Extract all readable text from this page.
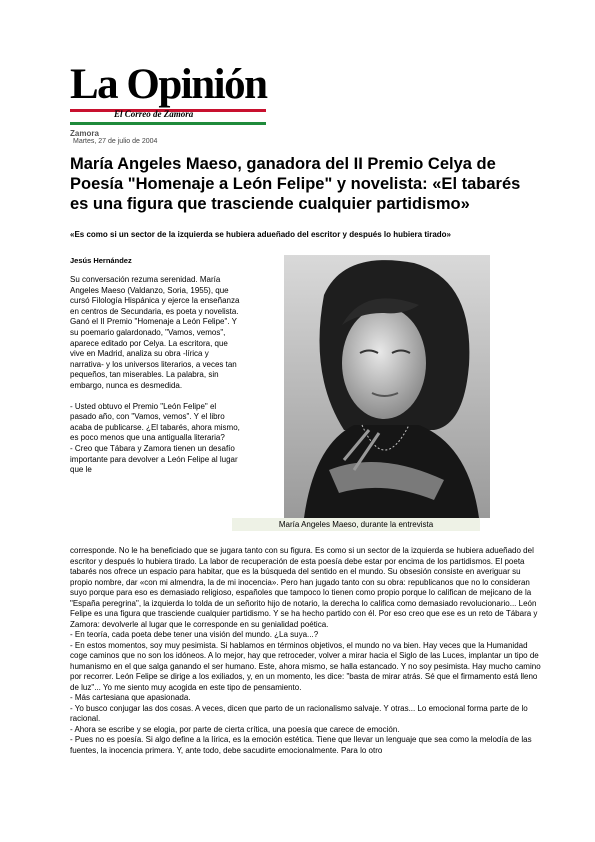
La Opinión
El Correo de Zamora
Zamora
Martes, 27 de julio de 2004
María Angeles Maeso, ganadora del II Premio Celya de Poesía "Homenaje a León Felipe" y novelista: «El tabarés es una figura que trasciende cualquier partidismo»
«Es como si un sector de la izquierda se hubiera adueñado del escritor y después lo hubiera tirado»
Jesús Hernández
María Angeles Maeso, durante la entrevista

Su conversación rezuma serenidad. María Angeles Maeso (Valdanzo, Soria, 1955), que cursó Filología Hispánica y ejerce la enseñanza en centros de Secundaria, es poeta y novelista. Ganó el II Premio "Homenaje a León Felipe". Y su poemario galardonado, "Vamos, vemos", aparece editado por Celya. La escritora, que vive en Madrid, analiza su obra -lírica y narrativa- y los universos literarios, a veces tan pequeños, tan miserables. La palabra, sin embargo, nunca es desmedida.

- Usted obtuvo el Premio "León Felipe" el pasado año, con "Vamos, vemos". Y el libro acaba de publicarse. ¿El tabarés, ahora mismo, es poco menos que una antigualla literaria?

- Creo que Tábara y Zamora tienen un desafío importante para devolver a León Felipe al lugar que le

corresponde. No le ha beneficiado que se jugara tanto con su figura. Es como si un sector de la izquierda se hubiera adueñado del escritor y después lo hubiera tirado. La labor de recuperación de esta poesía debe estar por encima de los partidismos. El poeta tabarés nos ofrece un espacio para habitar, que es la búsqueda del sentido en el mundo. Su obsesión consiste en averiguar su propio nombre, dar «con mi almendra, la de mi inocencia». Pero han jugado tanto con su obra: republicanos que no lo consideran suyo porque para eso es demasiado religioso, españoles que tampoco lo tienen como propio porque lo califican de mejicano de la "España peregrina", la izquierda lo tolda de un señorito hijo de notario, la derecha lo califica como demasiado revolucionario... León Felipe es una figura que trasciende cualquier partidismo. Y se ha hecho partido con él. Por eso creo que ese es un reto de Tábara y Zamora: devolverle al lugar que le corresponde en su genialidad poética.

- En teoría, cada poeta debe tener una visión del mundo. ¿La suya...?

- En estos momentos, soy muy pesimista. Si hablamos en términos objetivos, el mundo no va bien. Hay veces que la Humanidad coge caminos que no son los idóneos. A lo mejor, hay que retroceder, volver a mirar hacia el Siglo de las Luces, implantar un tipo de humanismo en el que salga ganando el ser humano. Este, ahora mismo, se halla estancado. Y no soy pesimista. Hay mucho camino por recorrer. León Felipe se dirige a los exiliados, y, en un momento, les dice: "basta de mirar atrás. Sé que el firmamento está lleno de luz"... Yo me siento muy acogida en este tipo de pensamiento.

- Más cartesiana que apasionada.

- Yo busco conjugar las dos cosas. A veces, dicen que parto de un racionalismo salvaje. Y otras... Lo emocional forma parte de lo racional.

- Ahora se escribe y se elogia, por parte de cierta crítica, una poesía que carece de emoción.

- Pues no es poesía. Si algo define a la lírica, es la emoción estética. Tiene que llevar un lenguaje que sea como la melodía de las fuentes, la inocencia primera. Y, ante todo, debe sacudirte emocionalmente. Para lo otro
